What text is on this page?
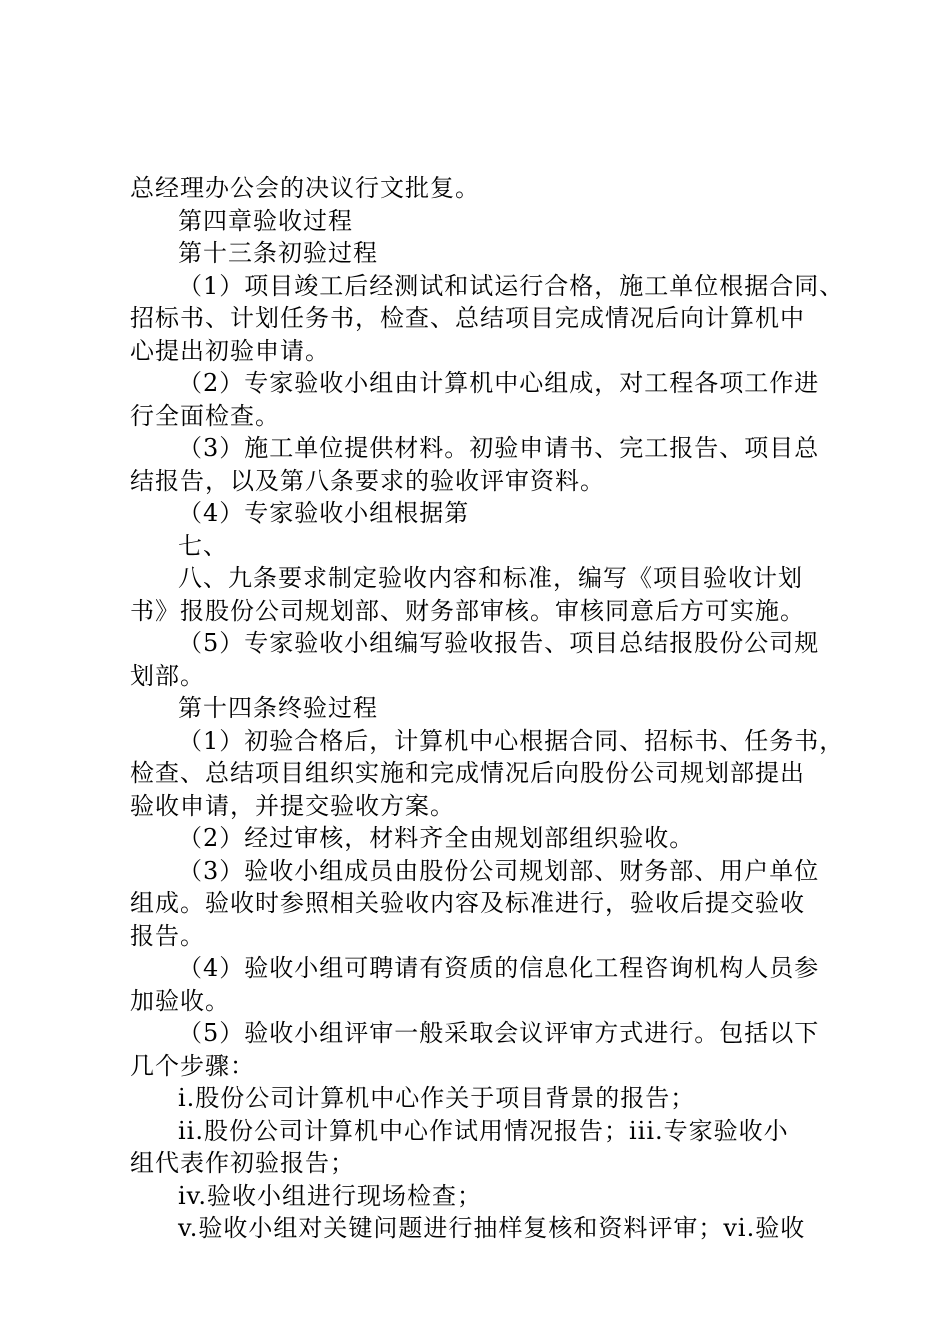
总经理办公会的决议行文批复。
第四章验收过程
第十三条初验过程
（1）项目竣工后经测试和试运行合格，施工单位根据合同、
招标书、计划任务书，检查、总结项目完成情况后向计算机中
心提出初验申请。
（2）专家验收小组由计算机中心组成，对工程各项工作进
行全面检查。
（3）施工单位提供材料。初验申请书、完工报告、项目总
结报告，以及第八条要求的验收评审资料。
（4）专家验收小组根据第
七、
八、九条要求制定验收内容和标准，编写《项目验收计划
书》报股份公司规划部、财务部审核。审核同意后方可实施。
（5）专家验收小组编写验收报告、项目总结报股份公司规
划部。
第十四条终验过程
（1）初验合格后，计算机中心根据合同、招标书、任务书，
检查、总结项目组织实施和完成情况后向股份公司规划部提出
验收申请，并提交验收方案。
（2）经过审核，材料齐全由规划部组织验收。
（3）验收小组成员由股份公司规划部、财务部、用户单位
组成。验收时参照相关验收内容及标准进行，验收后提交验收
报告。
（4）验收小组可聘请有资质的信息化工程咨询机构人员参
加验收。
（5）验收小组评审一般采取会议评审方式进行。包括以下
几个步骤：
i.股份公司计算机中心作关于项目背景的报告；
ii.股份公司计算机中心作试用情况报告；iii.专家验收小
组代表作初验报告；
iv.验收小组进行现场检查；
v.验收小组对关键问题进行抽样复核和资料评审；vi.验收
